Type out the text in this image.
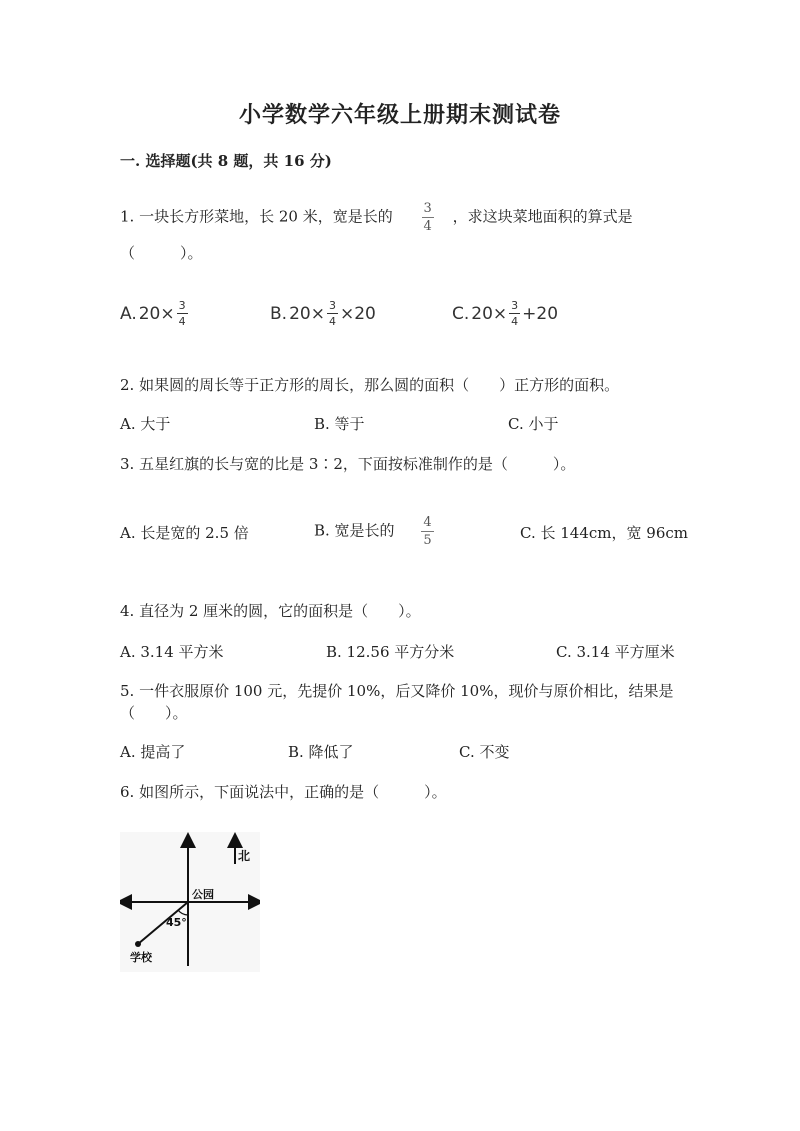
小学数学六年级上册期末测试卷
一. 选择题(共 8 题，共 16 分)
1. 一块长方形菜地，长 20 米，宽是长的 $\frac{3}{4}$ ，求这块菜地面积的算式是
（　　　）。
A. $20\times \frac{3}{4}$	B. $20\times \frac{3}{4} \times 20$	C. $20\times \frac{3}{4} +20$
2. 如果圆的周长等于正方形的周长，那么圆的面积（　　）正方形的面积。
A. 大于	B. 等于	C. 小于
3. 五星红旗的长与宽的比是 3∶2，下面按标准制作的是（　　　）。
A. 长是宽的 2.5 倍	B. 宽是长的 $\frac{4}{5}$	C. 长 144cm，宽 96cm
4. 直径为 2 厘米的圆，它的面积是（　　）。
A. 3.14 平方米	B. 12.56 平方分米	C. 3.14 平方厘米
5. 一件衣服原价 100 元，先提价 10%，后又降价 10%，现价与原价相比，结果是
（　　）。
A. 提高了	B. 降低了	C. 不变
6. 如图所示，下面说法中，正确的是（　　　）。
北
公园
45°
学校
